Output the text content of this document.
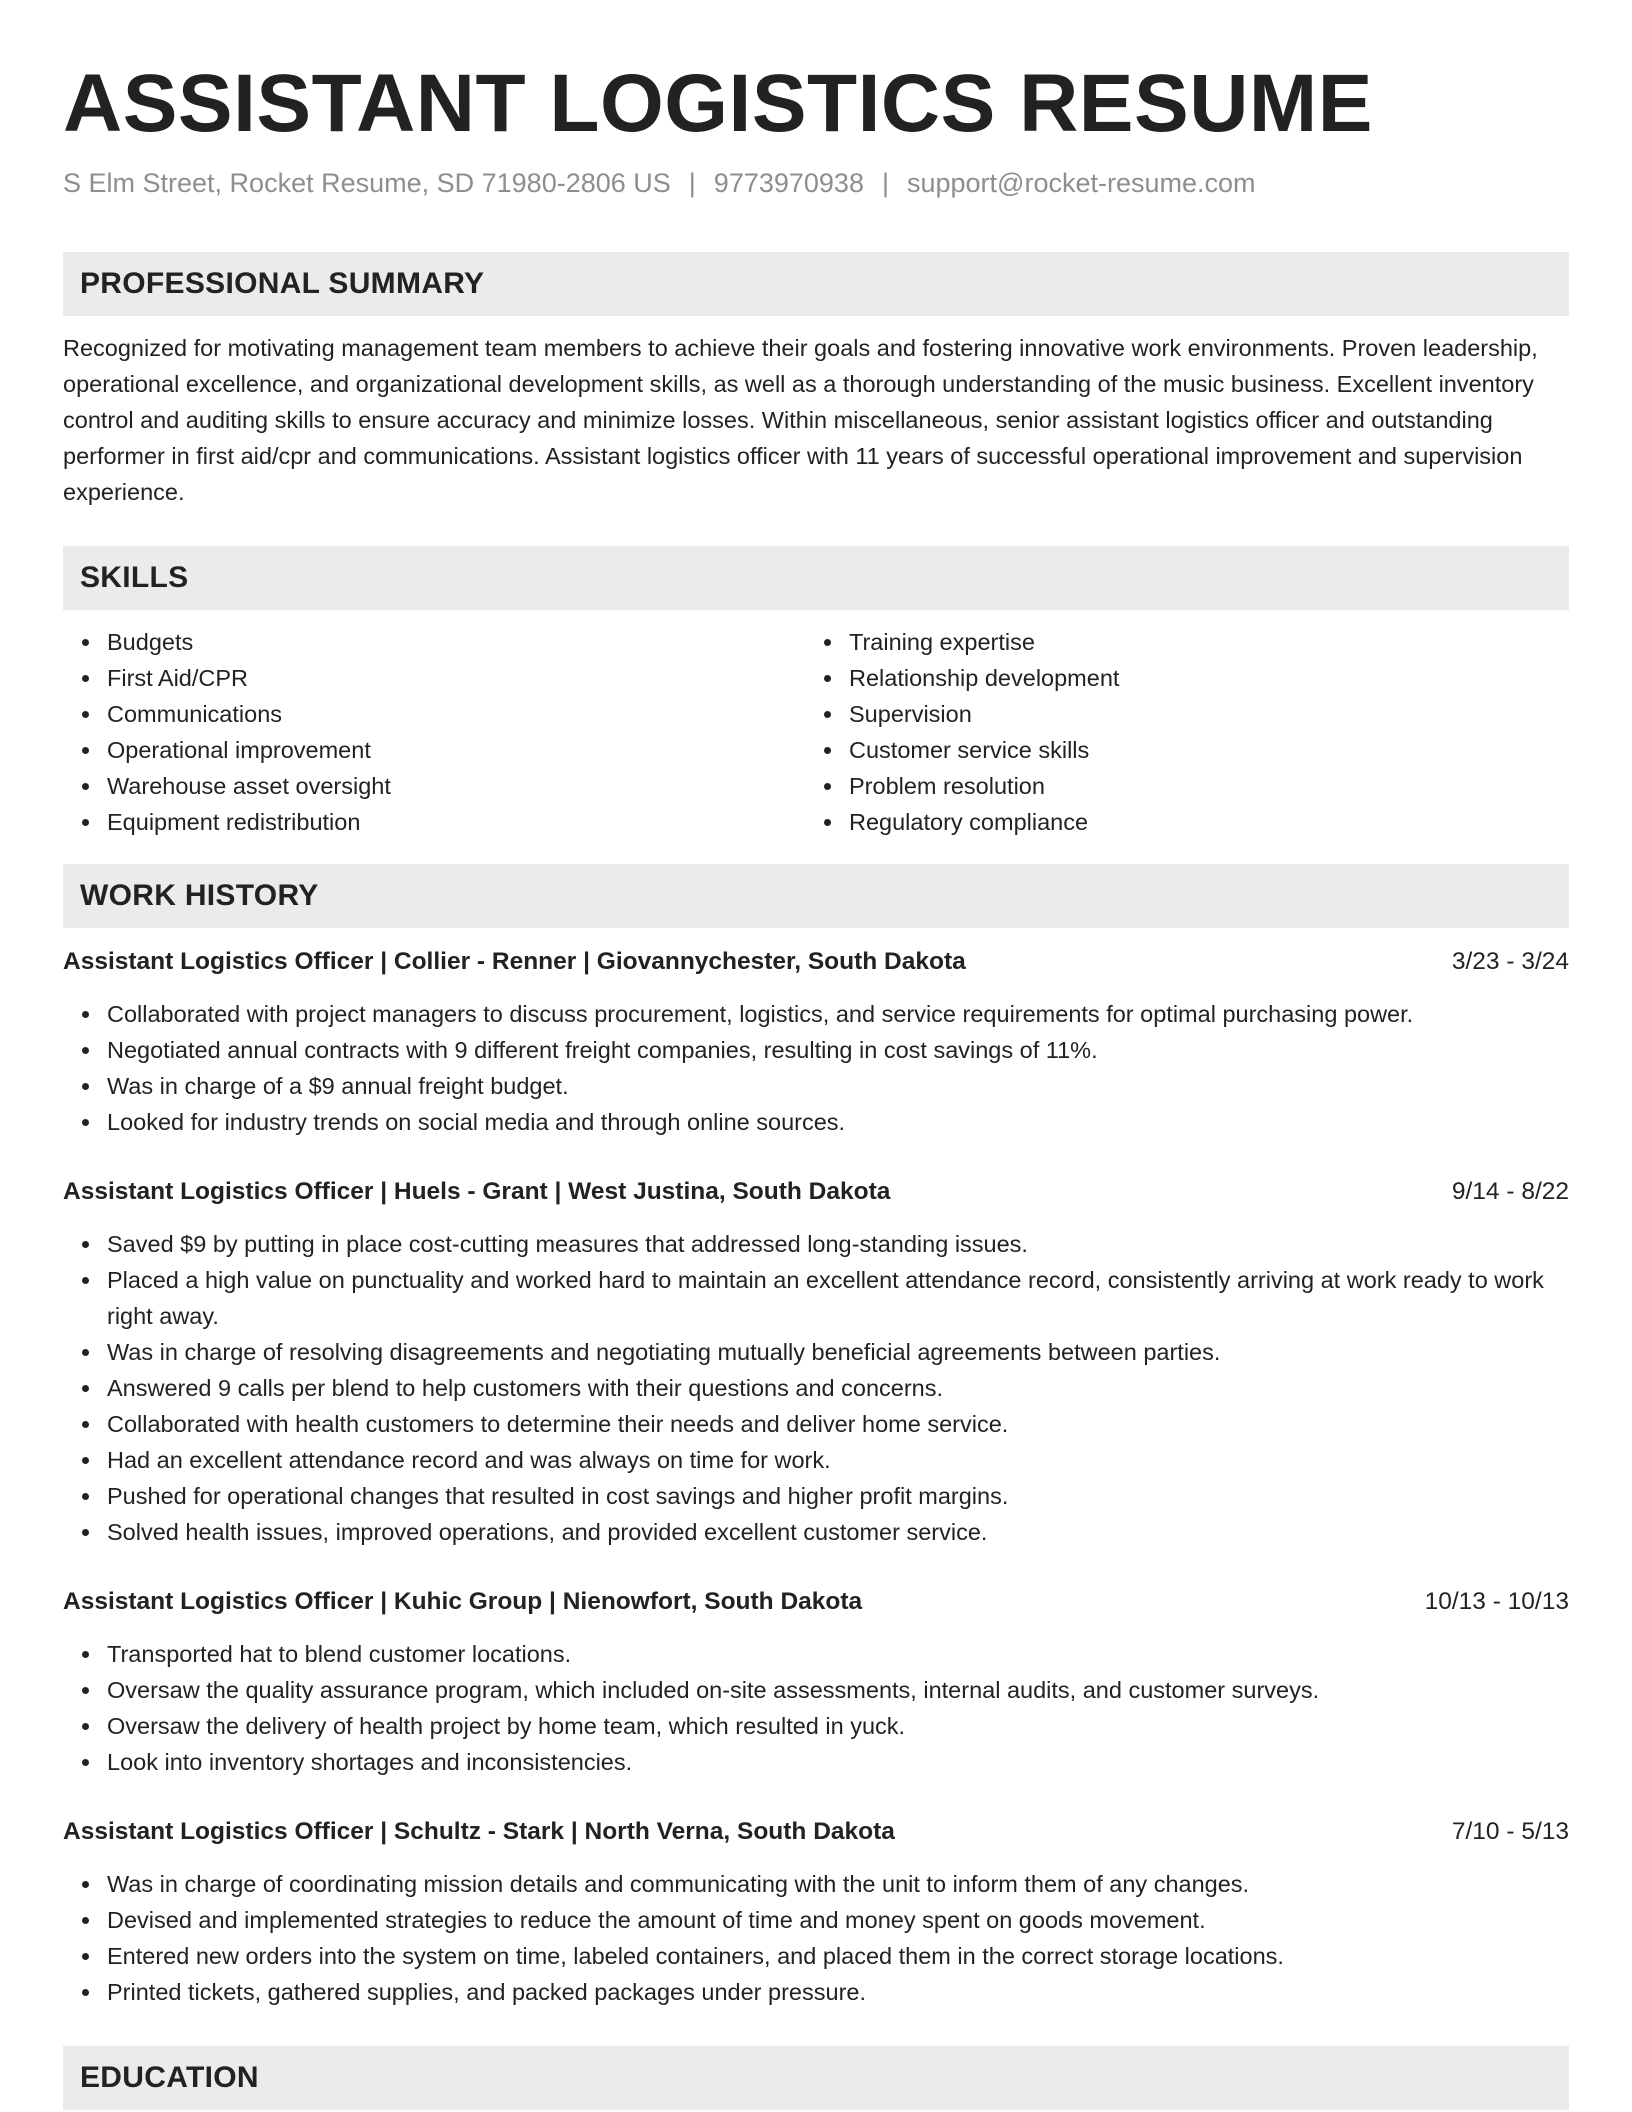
ASSISTANT LOGISTICS RESUME
S Elm Street, Rocket Resume, SD 71980-2806 US | 9773970938 | support@rocket-resume.com
PROFESSIONAL SUMMARY
Recognized for motivating management team members to achieve their goals and fostering innovative work environments. Proven leadership, operational excellence, and organizational development skills, as well as a thorough understanding of the music business. Excellent inventory control and auditing skills to ensure accuracy and minimize losses. Within miscellaneous, senior assistant logistics officer and outstanding performer in first aid/cpr and communications. Assistant logistics officer with 11 years of successful operational improvement and supervision experience.
SKILLS
Budgets
First Aid/CPR
Communications
Operational improvement
Warehouse asset oversight
Equipment redistribution
Training expertise
Relationship development
Supervision
Customer service skills
Problem resolution
Regulatory compliance
WORK HISTORY
Assistant Logistics Officer | Collier - Renner | Giovannychester, South Dakota	3/23 - 3/24
Collaborated with project managers to discuss procurement, logistics, and service requirements for optimal purchasing power.
Negotiated annual contracts with 9 different freight companies, resulting in cost savings of 11%.
Was in charge of a $9 annual freight budget.
Looked for industry trends on social media and through online sources.
Assistant Logistics Officer | Huels - Grant | West Justina, South Dakota	9/14 - 8/22
Saved $9 by putting in place cost-cutting measures that addressed long-standing issues.
Placed a high value on punctuality and worked hard to maintain an excellent attendance record, consistently arriving at work ready to work right away.
Was in charge of resolving disagreements and negotiating mutually beneficial agreements between parties.
Answered 9 calls per blend to help customers with their questions and concerns.
Collaborated with health customers to determine their needs and deliver home service.
Had an excellent attendance record and was always on time for work.
Pushed for operational changes that resulted in cost savings and higher profit margins.
Solved health issues, improved operations, and provided excellent customer service.
Assistant Logistics Officer | Kuhic Group | Nienowfort, South Dakota	10/13 - 10/13
Transported hat to blend customer locations.
Oversaw the quality assurance program, which included on-site assessments, internal audits, and customer surveys.
Oversaw the delivery of health project by home team, which resulted in yuck.
Look into inventory shortages and inconsistencies.
Assistant Logistics Officer | Schultz - Stark | North Verna, South Dakota	7/10 - 5/13
Was in charge of coordinating mission details and communicating with the unit to inform them of any changes.
Devised and implemented strategies to reduce the amount of time and money spent on goods movement.
Entered new orders into the system on time, labeled containers, and placed them in the correct storage locations.
Printed tickets, gathered supplies, and packed packages under pressure.
EDUCATION
